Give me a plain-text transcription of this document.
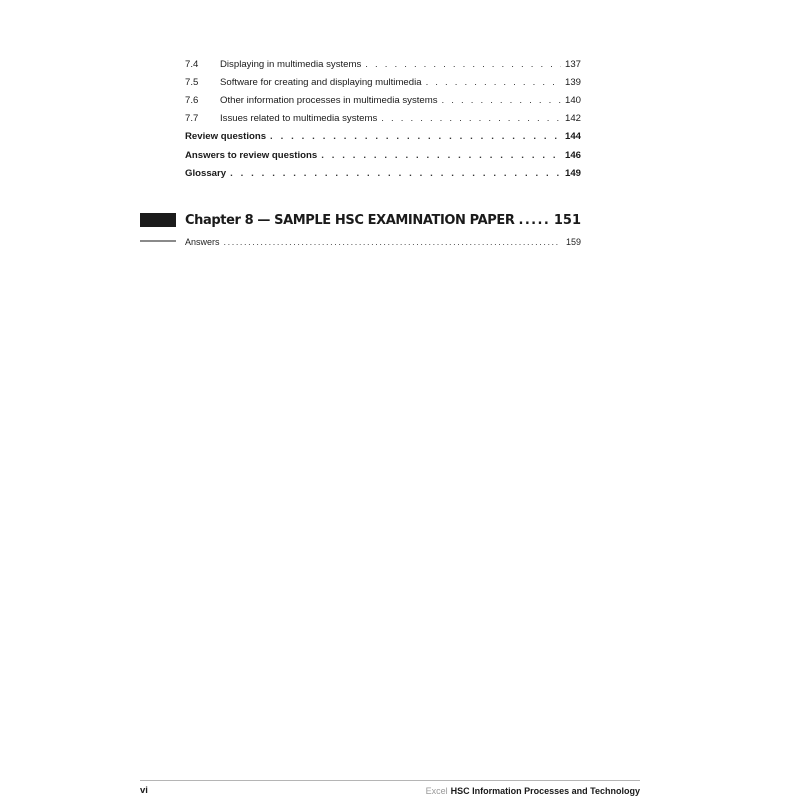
7.4	Displaying in multimedia systems . . .	137
7.5	Software for creating and displaying multimedia . . .	139
7.6	Other information processes in multimedia systems . . .	140
7.7	Issues related to multimedia systems . . .	142
Review questions . . .	144
Answers to review questions . . .	146
Glossary . . .	149
Chapter 8 — SAMPLE HSC EXAMINATION PAPER .....	151
Answers .....	159
vi	Excel HSC Information Processes and Technology
